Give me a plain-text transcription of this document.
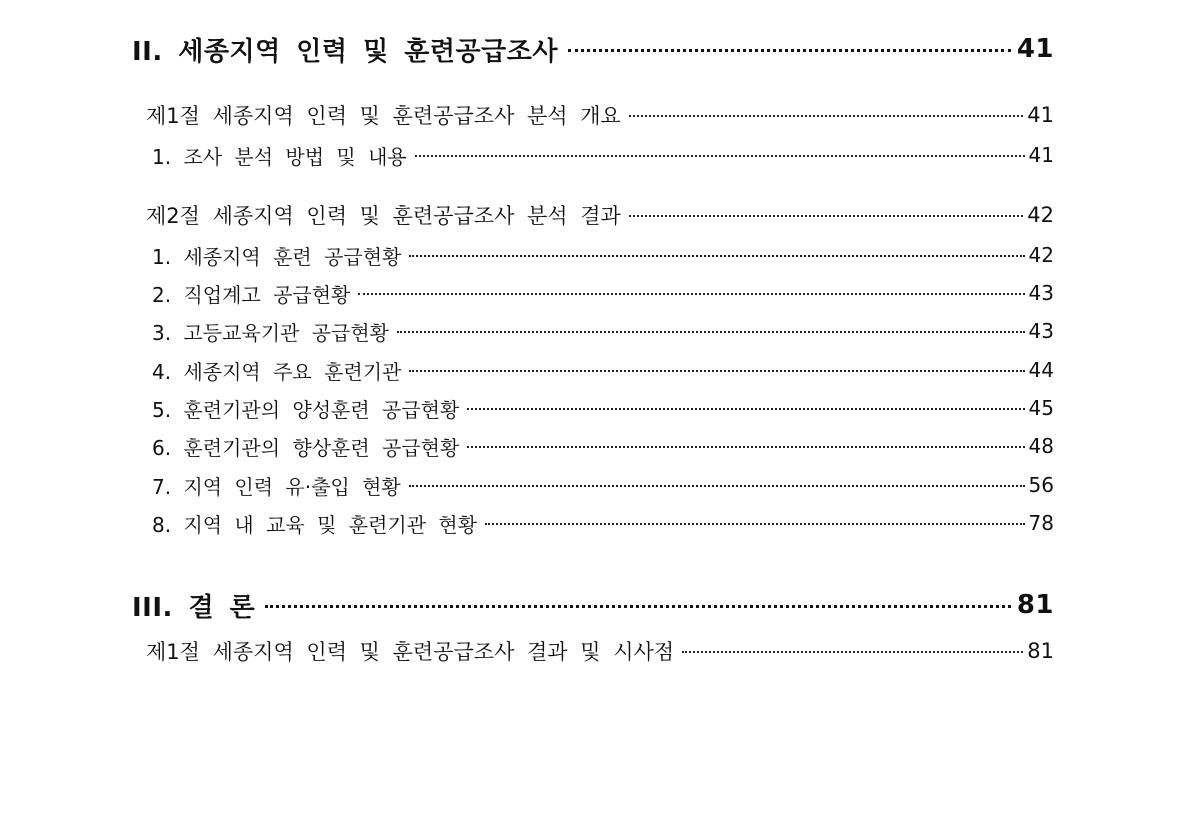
II. 세종지역 인력 및 훈련공급조사	41
제1절 세종지역 인력 및 훈련공급조사 분석 개요	41
1. 조사 분석 방법 및 내용	41
제2절 세종지역 인력 및 훈련공급조사 분석 결과	42
1. 세종지역 훈련 공급현황	42
2. 직업계고 공급현황	43
3. 고등교육기관 공급현황	43
4. 세종지역 주요 훈련기관	44
5. 훈련기관의 양성훈련 공급현황	45
6. 훈련기관의 향상훈련 공급현황	48
7. 지역 인력 유·출입 현황	56
8. 지역 내 교육 및 훈련기관 현황	78
III. 결 론	81
제1절 세종지역 인력 및 훈련공급조사 결과 및 시사점	81
